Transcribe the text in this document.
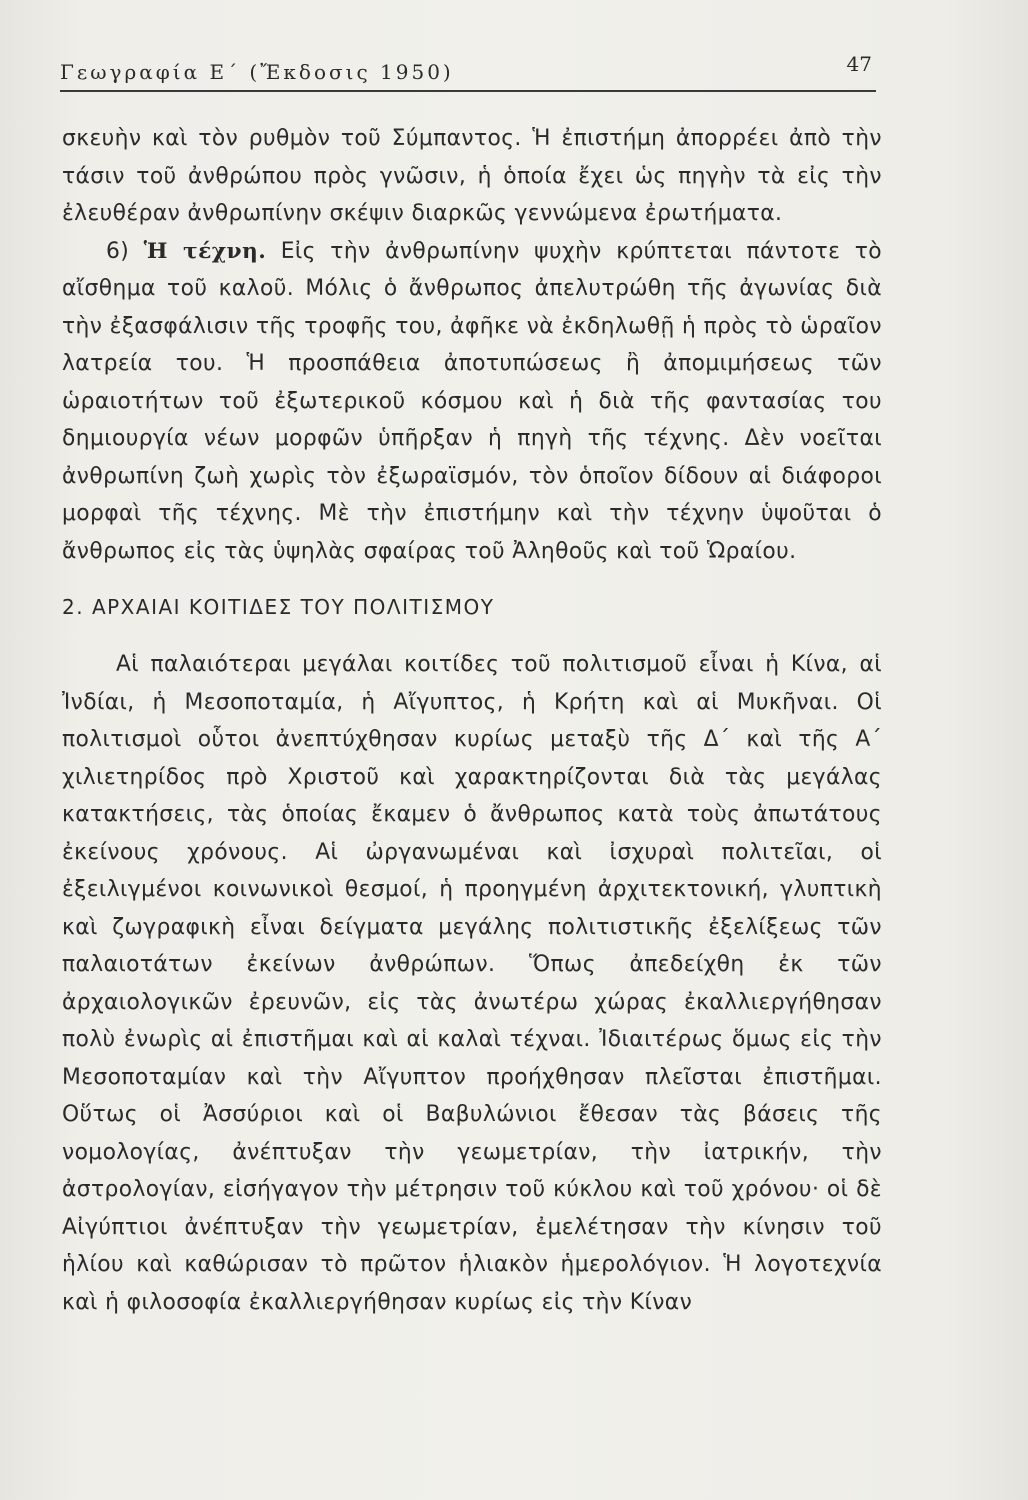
Γεωγραφία Ε΄ (Ἔκδοσις 1950)	47

σκευὴν καὶ τὸν ρυθμὸν τοῦ Σύμπαντος. Ἡ ἐπιστήμη ἀπορρέει ἀπὸ τὴν τάσιν τοῦ ἀνθρώπου πρὸς γνῶσιν, ἡ ὁποία ἔχει ὡς πηγὴν τὰ εἰς τὴν ἐλευθέραν ἀνθρωπίνην σκέψιν διαρκῶς γεννώμενα ἐρωτήματα.

6) Ἡ τέχνη. Εἰς τὴν ἀνθρωπίνην ψυχὴν κρύπτεται πάντοτε τὸ αἴσθημα τοῦ καλοῦ. Μόλις ὁ ἄνθρωπος ἀπελυτρώθη τῆς ἀγωνίας διὰ τὴν ἐξασφάλισιν τῆς τροφῆς του, ἀφῆκε νὰ ἐκδηλωθῇ ἡ πρὸς τὸ ὡραῖον λατρεία του. Ἡ προσπάθεια ἀποτυπώσεως ἢ ἀπομιμήσεως τῶν ὡραιοτήτων τοῦ ἐξωτερικοῦ κόσμου καὶ ἡ διὰ τῆς φαντασίας του δημιουργία νέων μορφῶν ὑπῆρξαν ἡ πηγὴ τῆς τέχνης. Δὲν νοεῖται ἀνθρωπίνη ζωὴ χωρὶς τὸν ἐξωραϊσμόν, τὸν ὁποῖον δίδουν αἱ διάφοροι μορφαὶ τῆς τέχνης. Μὲ τὴν ἐπιστήμην καὶ τὴν τέχνην ὑψοῦται ὁ ἄνθρωπος εἰς τὰς ὑψηλὰς σφαίρας τοῦ Ἀληθοῦς καὶ τοῦ Ὡραίου.

2. ΑΡΧΑΙΑΙ ΚΟΙΤΙΔΕΣ ΤΟΥ ΠΟΛΙΤΙΣΜΟΥ

Αἱ παλαιότεραι μεγάλαι κοιτίδες τοῦ πολιτισμοῦ εἶναι ἡ Κίνα, αἱ Ἰνδίαι, ἡ Μεσοποταμία, ἡ Αἴγυπτος, ἡ Κρήτη καὶ αἱ Μυκῆναι. Οἱ πολιτισμοὶ οὗτοι ἀνεπτύχθησαν κυρίως μεταξὺ τῆς Δ΄ καὶ τῆς Α΄ χιλιετηρίδος πρὸ Χριστοῦ καὶ χαρακτηρίζονται διὰ τὰς μεγάλας κατακτήσεις, τὰς ὁποίας ἔκαμεν ὁ ἄνθρωπος κατὰ τοὺς ἀπωτάτους ἐκείνους χρόνους. Αἱ ὠργανωμέναι καὶ ἰσχυραὶ πολιτεῖαι, οἱ ἐξειλιγμένοι κοινωνικοὶ θεσμοί, ἡ προηγμένη ἀρχιτεκτονική, γλυπτικὴ καὶ ζωγραφικὴ εἶναι δείγματα μεγάλης πολιτιστικῆς ἐξελίξεως τῶν παλαιοτάτων ἐκείνων ἀνθρώπων. Ὅπως ἀπεδείχθη ἐκ τῶν ἀρχαιολογικῶν ἐρευνῶν, εἰς τὰς ἀνωτέρω χώρας ἐκαλλιεργήθησαν πολὺ ἐνωρὶς αἱ ἐπιστῆμαι καὶ αἱ καλαὶ τέχναι. Ἰδιαιτέρως ὅμως εἰς τὴν Μεσοποταμίαν καὶ τὴν Αἴγυπτον προήχθησαν πλεῖσται ἐπιστῆμαι. Οὕτως οἱ Ἀσσύριοι καὶ οἱ Βαβυλώνιοι ἔθεσαν τὰς βάσεις τῆς νομολογίας, ἀνέπτυξαν τὴν γεωμετρίαν, τὴν ἰατρικήν, τὴν ἀστρολογίαν, εἰσήγαγον τὴν μέτρησιν τοῦ κύκλου καὶ τοῦ χρόνου· οἱ δὲ Αἰγύπτιοι ἀνέπτυξαν τὴν γεωμετρίαν, ἐμελέτησαν τὴν κίνησιν τοῦ ἡλίου καὶ καθώρισαν τὸ πρῶτον ἡλιακὸν ἡμερολόγιον. Ἡ λογοτεχνία καὶ ἡ φιλοσοφία ἐκαλλιεργήθησαν κυρίως εἰς τὴν Κίναν
